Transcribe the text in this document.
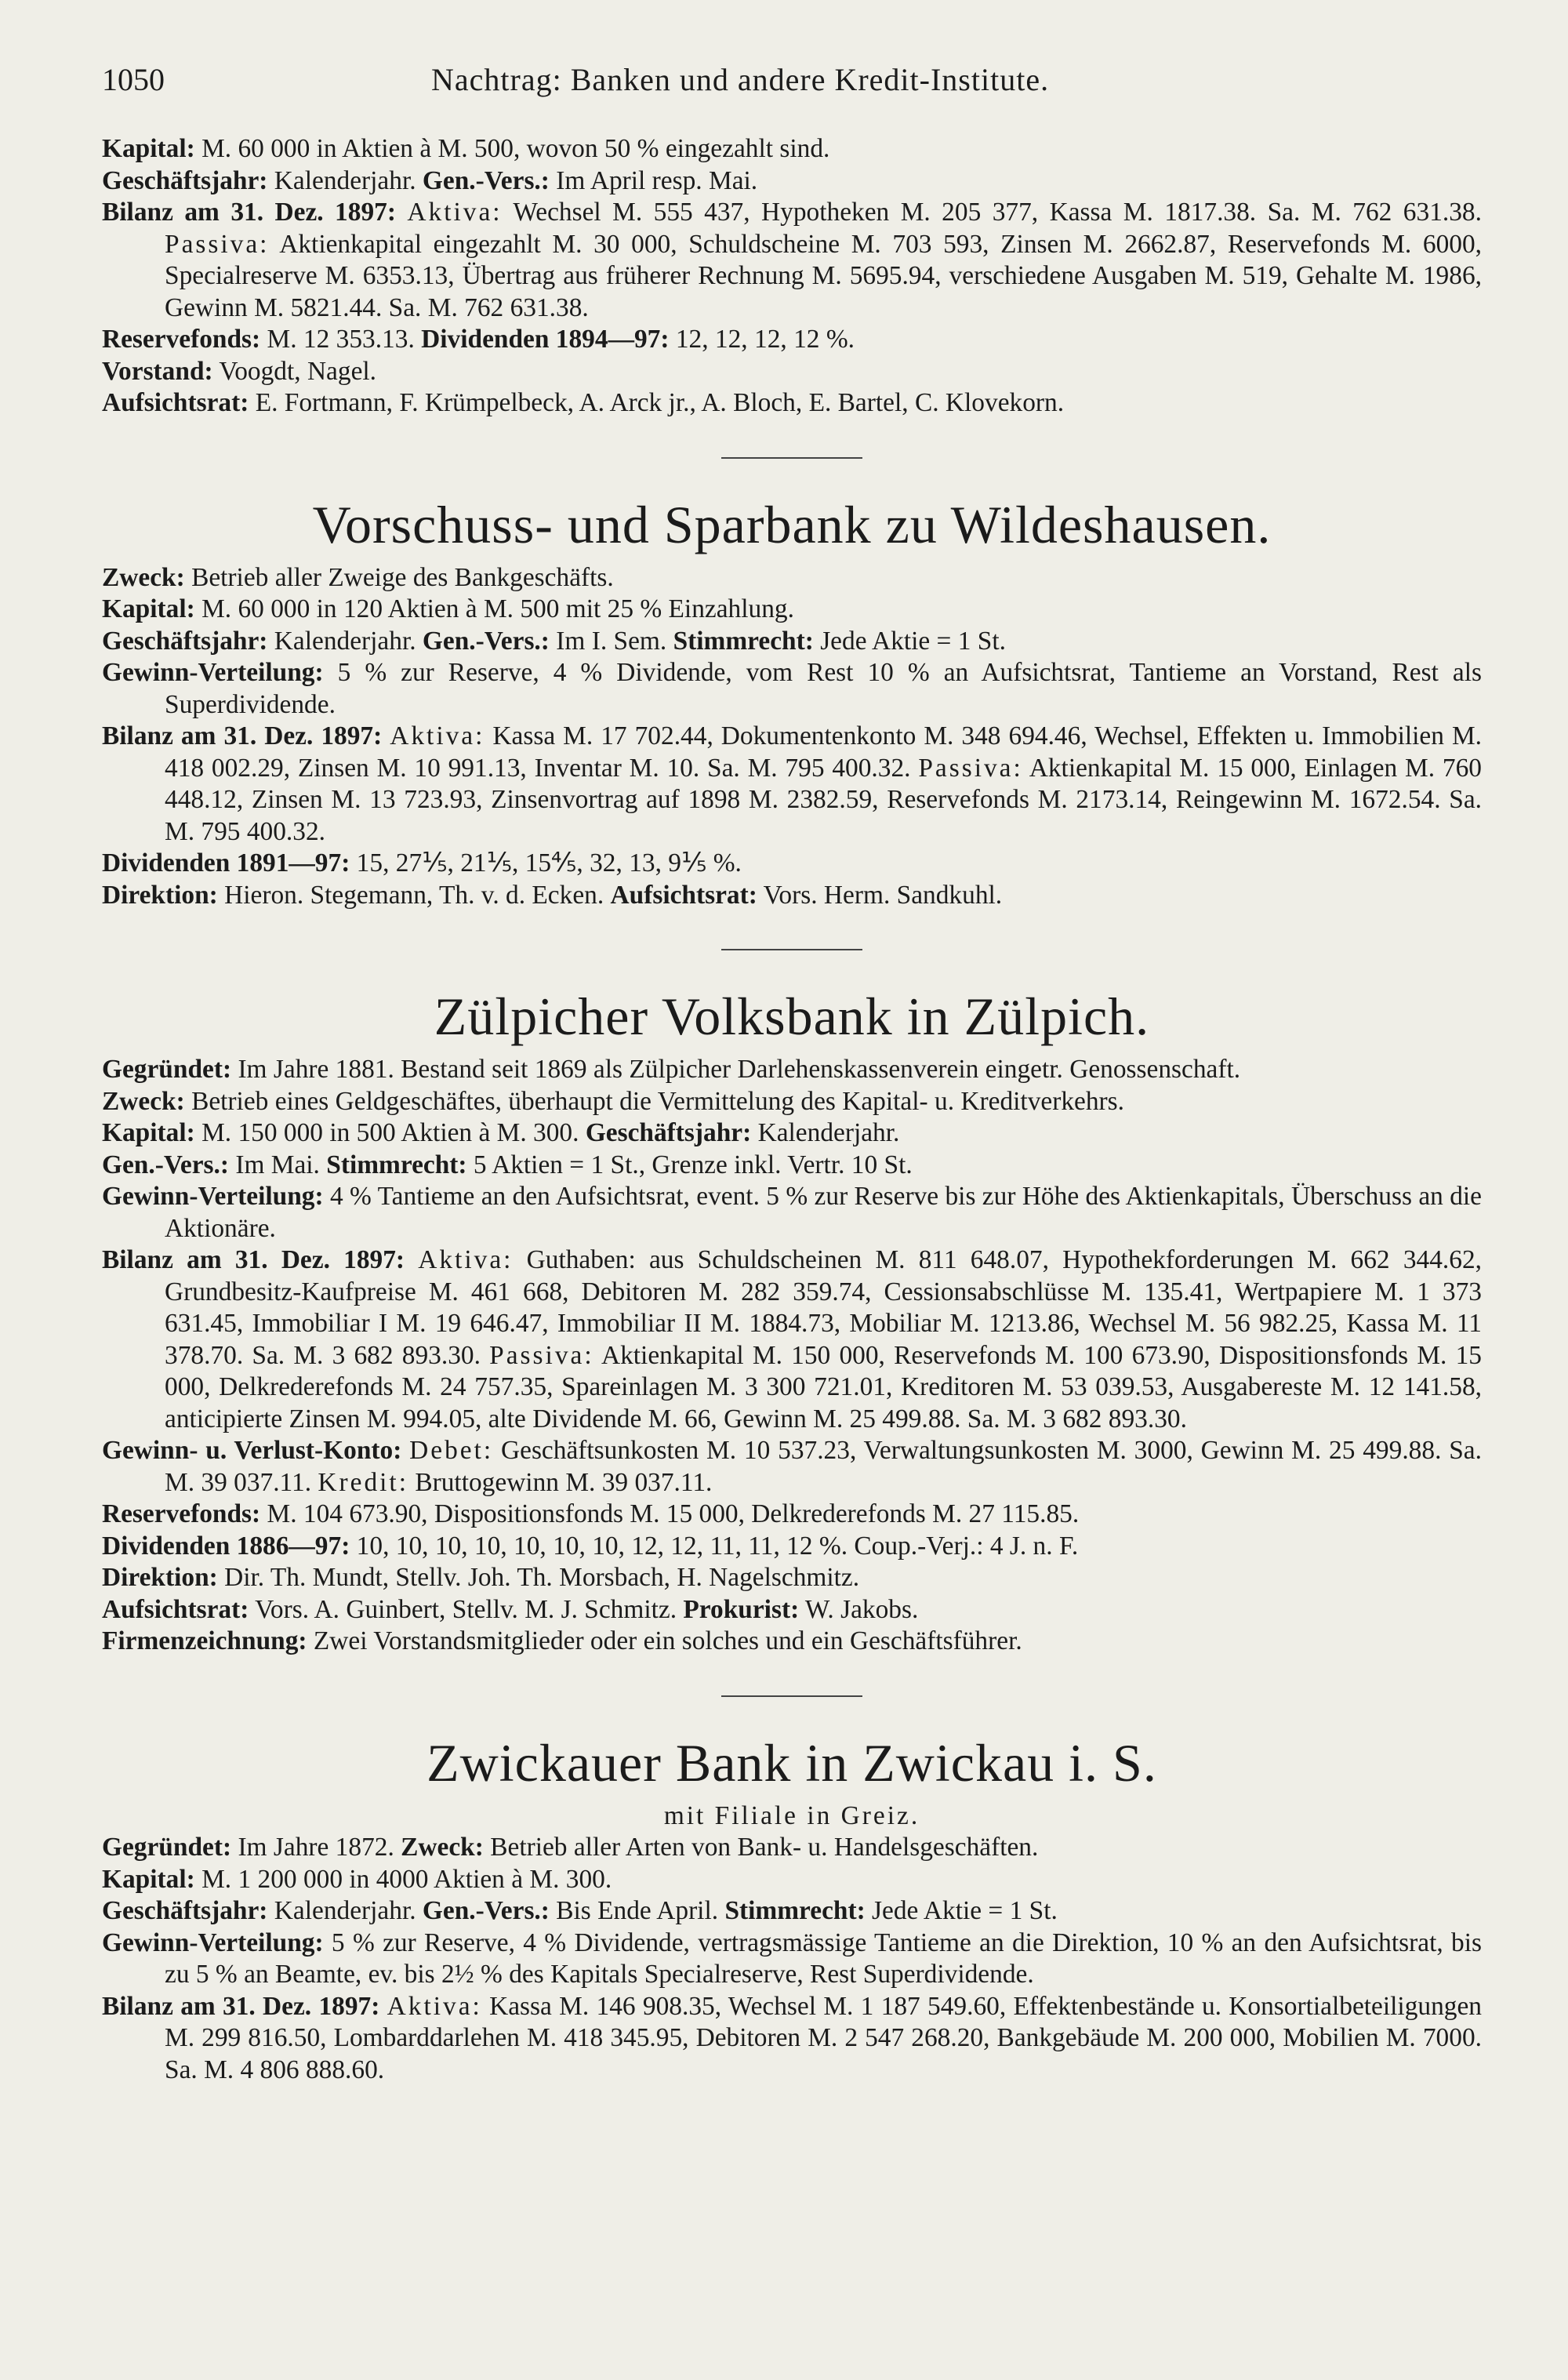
1050	Nachtrag: Banken und andere Kredit-Institute.

Kapital: M. 60 000 in Aktien à M. 500, wovon 50 % eingezahlt sind.

Geschäftsjahr: Kalenderjahr. Gen.-Vers.: Im April resp. Mai.

Bilanz am 31. Dez. 1897: Aktiva: Wechsel M. 555 437, Hypotheken M. 205 377, Kassa M. 1817.38. Sa. M. 762 631.38. Passiva: Aktienkapital eingezahlt M. 30 000, Schuldscheine M. 703 593, Zinsen M. 2662.87, Reservefonds M. 6000, Specialreserve M. 6353.13, Übertrag aus früherer Rechnung M. 5695.94, verschiedene Ausgaben M. 519, Gehalte M. 1986, Gewinn M. 5821.44. Sa. M. 762 631.38.

Reservefonds: M. 12 353.13. Dividenden 1894—97: 12, 12, 12, 12 %.

Vorstand: Voogdt, Nagel.

Aufsichtsrat: E. Fortmann, F. Krümpelbeck, A. Arck jr., A. Bloch, E. Bartel, C. Klovekorn.

Vorschuss- und Sparbank zu Wildeshausen.

Zweck: Betrieb aller Zweige des Bankgeschäfts.

Kapital: M. 60 000 in 120 Aktien à M. 500 mit 25 % Einzahlung.

Geschäftsjahr: Kalenderjahr. Gen.-Vers.: Im I. Sem. Stimmrecht: Jede Aktie = 1 St.

Gewinn-Verteilung: 5 % zur Reserve, 4 % Dividende, vom Rest 10 % an Aufsichtsrat, Tantieme an Vorstand, Rest als Superdividende.

Bilanz am 31. Dez. 1897: Aktiva: Kassa M. 17 702.44, Dokumentenkonto M. 348 694.46, Wechsel, Effekten u. Immobilien M. 418 002.29, Zinsen M. 10 991.13, Inventar M. 10. Sa. M. 795 400.32. Passiva: Aktienkapital M. 15 000, Einlagen M. 760 448.12, Zinsen M. 13 723.93, Zinsenvortrag auf 1898 M. 2382.59, Reservefonds M. 2173.14, Reingewinn M. 1672.54. Sa. M. 795 400.32.

Dividenden 1891—97: 15, 27⅕, 21⅕, 15⅘, 32, 13, 9⅕ %.

Direktion: Hieron. Stegemann, Th. v. d. Ecken. Aufsichtsrat: Vors. Herm. Sandkuhl.

Zülpicher Volksbank in Zülpich.

Gegründet: Im Jahre 1881. Bestand seit 1869 als Zülpicher Darlehenskassenverein eingetr. Genossenschaft.

Zweck: Betrieb eines Geldgeschäftes, überhaupt die Vermittelung des Kapital- u. Kreditverkehrs.

Kapital: M. 150 000 in 500 Aktien à M. 300. Geschäftsjahr: Kalenderjahr.

Gen.-Vers.: Im Mai. Stimmrecht: 5 Aktien = 1 St., Grenze inkl. Vertr. 10 St.

Gewinn-Verteilung: 4 % Tantieme an den Aufsichtsrat, event. 5 % zur Reserve bis zur Höhe des Aktienkapitals, Überschuss an die Aktionäre.

Bilanz am 31. Dez. 1897: Aktiva: Guthaben: aus Schuldscheinen M. 811 648.07, Hypothekforderungen M. 662 344.62, Grundbesitz-Kaufpreise M. 461 668, Debitoren M. 282 359.74, Cessionsabschlüsse M. 135.41, Wertpapiere M. 1 373 631.45, Immobiliar I M. 19 646.47, Immobiliar II M. 1884.73, Mobiliar M. 1213.86, Wechsel M. 56 982.25, Kassa M. 11 378.70. Sa. M. 3 682 893.30. Passiva: Aktienkapital M. 150 000, Reservefonds M. 100 673.90, Dispositionsfonds M. 15 000, Delkrederefonds M. 24 757.35, Spareinlagen M. 3 300 721.01, Kreditoren M. 53 039.53, Ausgabereste M. 12 141.58, anticipierte Zinsen M. 994.05, alte Dividende M. 66, Gewinn M. 25 499.88. Sa. M. 3 682 893.30.

Gewinn- u. Verlust-Konto: Debet: Geschäftsunkosten M. 10 537.23, Verwaltungsunkosten M. 3000, Gewinn M. 25 499.88. Sa. M. 39 037.11. Kredit: Bruttogewinn M. 39 037.11.

Reservefonds: M. 104 673.90, Dispositionsfonds M. 15 000, Delkrederefonds M. 27 115.85.

Dividenden 1886—97: 10, 10, 10, 10, 10, 10, 10, 12, 12, 11, 11, 12 %. Coup.-Verj.: 4 J. n. F.

Direktion: Dir. Th. Mundt, Stellv. Joh. Th. Morsbach, H. Nagelschmitz.

Aufsichtsrat: Vors. A. Guinbert, Stellv. M. J. Schmitz. Prokurist: W. Jakobs.

Firmenzeichnung: Zwei Vorstandsmitglieder oder ein solches und ein Geschäftsführer.

Zwickauer Bank in Zwickau i. S.

mit Filiale in Greiz.

Gegründet: Im Jahre 1872. Zweck: Betrieb aller Arten von Bank- u. Handelsgeschäften.

Kapital: M. 1 200 000 in 4000 Aktien à M. 300.

Geschäftsjahr: Kalenderjahr. Gen.-Vers.: Bis Ende April. Stimmrecht: Jede Aktie = 1 St.

Gewinn-Verteilung: 5 % zur Reserve, 4 % Dividende, vertragsmässige Tantieme an die Direktion, 10 % an den Aufsichtsrat, bis zu 5 % an Beamte, ev. bis 2½ % des Kapitals Specialreserve, Rest Superdividende.

Bilanz am 31. Dez. 1897: Aktiva: Kassa M. 146 908.35, Wechsel M. 1 187 549.60, Effektenbestände u. Konsortialbeteiligungen M. 299 816.50, Lombarddarlehen M. 418 345.95, Debitoren M. 2 547 268.20, Bankgebäude M. 200 000, Mobilien M. 7000. Sa. M. 4 806 888.60.
